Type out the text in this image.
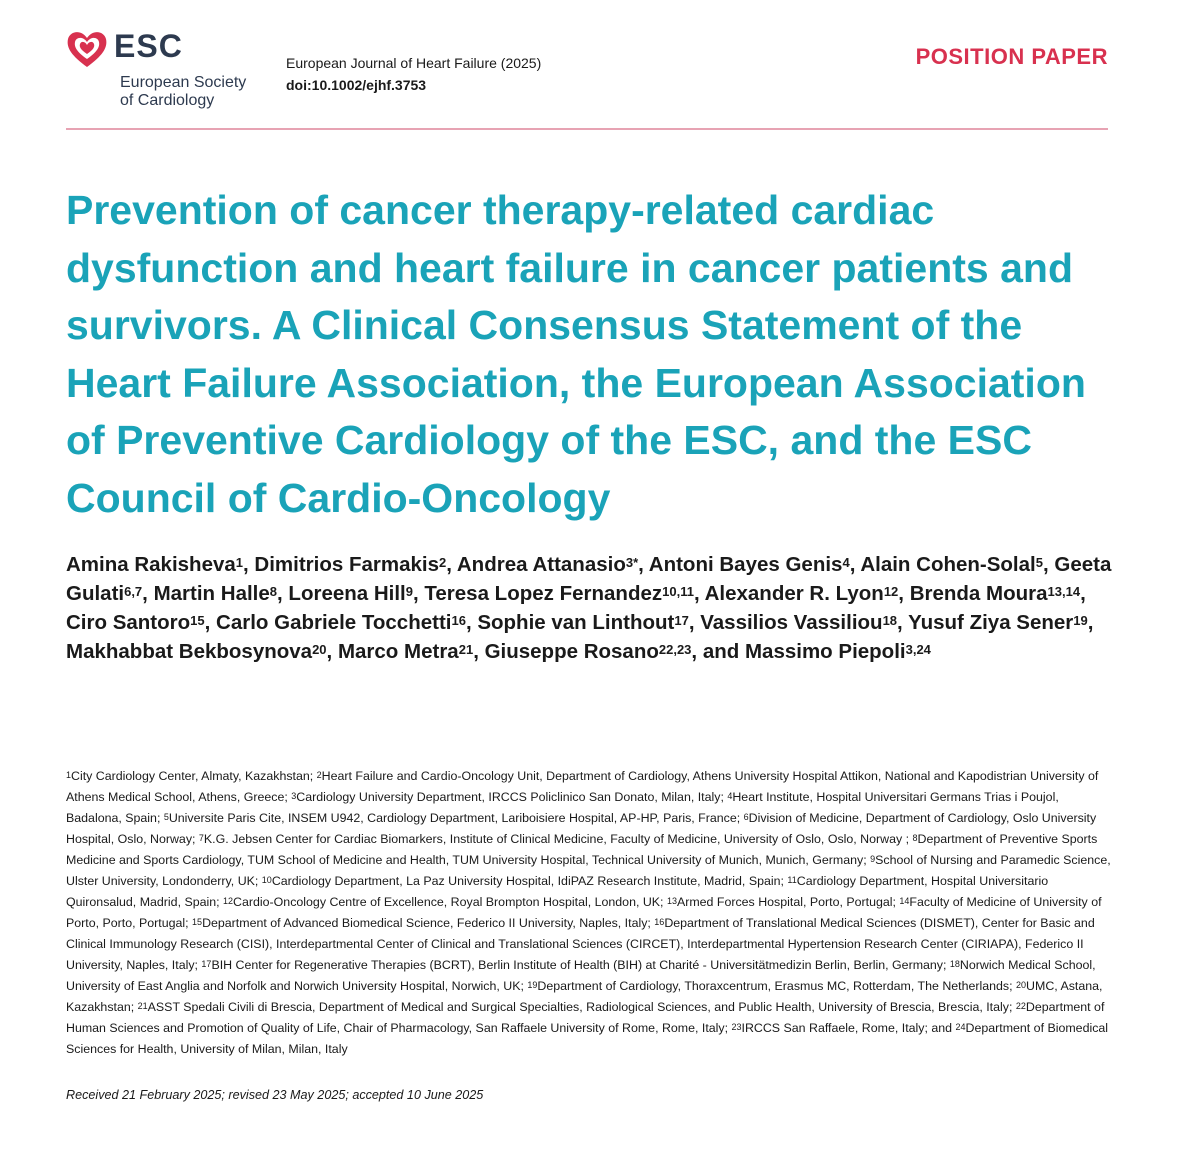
ESC
European Society
of Cardiology
European Journal of Heart Failure (2025)
doi:10.1002/ejhf.3753
POSITION PAPER
Prevention of cancer therapy-related cardiac dysfunction and heart failure in cancer patients and survivors. A Clinical Consensus Statement of the Heart Failure Association, the European Association of Preventive Cardiology of the ESC, and the ESC Council of Cardio-Oncology
Amina Rakisheva$^1$, Dimitrios Farmakis$^2$, Andrea Attanasio$^{3*}$, Antoni Bayes Genis$^4$, Alain Cohen-Solal$^5$, Geeta Gulati$^{6,7}$, Martin Halle$^8$, Loreena Hill$^9$, Teresa Lopez Fernandez$^{10,11}$, Alexander R. Lyon$^{12}$, Brenda Moura$^{13,14}$, Ciro Santoro$^{15}$, Carlo Gabriele Tocchetti$^{16}$, Sophie van Linthout$^{17}$, Vassilios Vassiliou$^{18}$, Yusuf Ziya Sener$^{19}$, Makhabbat Bekbosynova$^{20}$, Marco Metra$^{21}$, Giuseppe Rosano$^{22,23}$, and Massimo Piepoli$^{3,24}$
$^1$City Cardiology Center, Almaty, Kazakhstan; $^2$Heart Failure and Cardio-Oncology Unit, Department of Cardiology, Athens University Hospital Attikon, National and Kapodistrian University of Athens Medical School, Athens, Greece; $^3$Cardiology University Department, IRCCS Policlinico San Donato, Milan, Italy; $^4$Heart Institute, Hospital Universitari Germans Trias i Poujol, Badalona, Spain; $^5$Universite Paris Cite, INSEM U942, Cardiology Department, Lariboisiere Hospital, AP-HP, Paris, France; $^6$Division of Medicine, Department of Cardiology, Oslo University Hospital, Oslo, Norway; $^7$K.G. Jebsen Center for Cardiac Biomarkers, Institute of Clinical Medicine, Faculty of Medicine, University of Oslo, Oslo, Norway ; $^8$Department of Preventive Sports Medicine and Sports Cardiology, TUM School of Medicine and Health, TUM University Hospital, Technical University of Munich, Munich, Germany; $^9$School of Nursing and Paramedic Science, Ulster University, Londonderry, UK; $^{10}$Cardiology Department, La Paz University Hospital, IdiPAZ Research Institute, Madrid, Spain; $^{11}$Cardiology Department, Hospital Universitario Quironsalud, Madrid, Spain; $^{12}$Cardio-Oncology Centre of Excellence, Royal Brompton Hospital, London, UK; $^{13}$Armed Forces Hospital, Porto, Portugal; $^{14}$Faculty of Medicine of University of Porto, Porto, Portugal; $^{15}$Department of Advanced Biomedical Science, Federico II University, Naples, Italy; $^{16}$Department of Translational Medical Sciences (DISMET), Center for Basic and Clinical Immunology Research (CISI), Interdepartmental Center of Clinical and Translational Sciences (CIRCET), Interdepartmental Hypertension Research Center (CIRIAPA), Federico II University, Naples, Italy; $^{17}$BIH Center for Regenerative Therapies (BCRT), Berlin Institute of Health (BIH) at Charité - Universitätmedizin Berlin, Berlin, Germany; $^{18}$Norwich Medical School, University of East Anglia and Norfolk and Norwich University Hospital, Norwich, UK; $^{19}$Department of Cardiology, Thoraxcentrum, Erasmus MC, Rotterdam, The Netherlands; $^{20}$UMC, Astana, Kazakhstan; $^{21}$ASST Spedali Civili di Brescia, Department of Medical and Surgical Specialties, Radiological Sciences, and Public Health, University of Brescia, Brescia, Italy; $^{22}$Department of Human Sciences and Promotion of Quality of Life, Chair of Pharmacology, San Raffaele University of Rome, Rome, Italy; $^{23}$IRCCS San Raffaele, Rome, Italy; and $^{24}$Department of Biomedical Sciences for Health, University of Milan, Milan, Italy
Received 21 February 2025; revised 23 May 2025; accepted 10 June 2025
